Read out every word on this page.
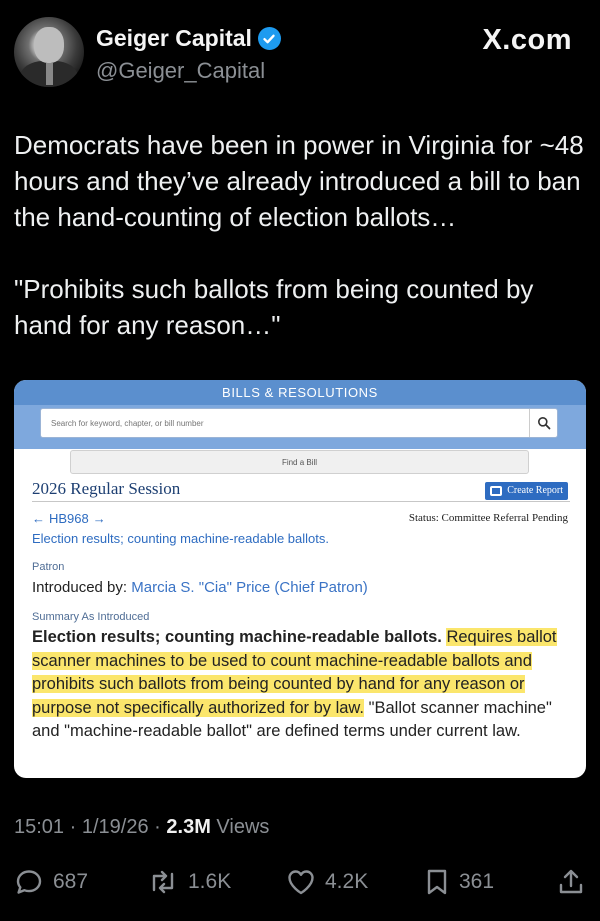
Geiger Capital
@Geiger_Capital
X.com

Democrats have been in power in Virginia for ~48 hours and they’ve already introduced a bill to ban the hand-counting of election ballots…

"Prohibits such ballots from being counted by hand for any reason…"

BILLS & RESOLUTIONS
Search for keyword, chapter, or bill number
Find a Bill
2026 Regular Session	Create Report
← HB968 →	Status: Committee Referral Pending
Election results; counting machine-readable ballots.
Patron
Introduced by: Marcia S. "Cia" Price (Chief Patron)
Summary As Introduced
Election results; counting machine-readable ballots. Requires ballot scanner machines to be used to count machine-readable ballots and prohibits such ballots from being counted by hand for any reason or purpose not specifically authorized for by law. "Ballot scanner machine" and "machine-readable ballot" are defined terms under current law.
15:01 · 1/19/26 · 2.3M Views
687	1.6K	4.2K	361
